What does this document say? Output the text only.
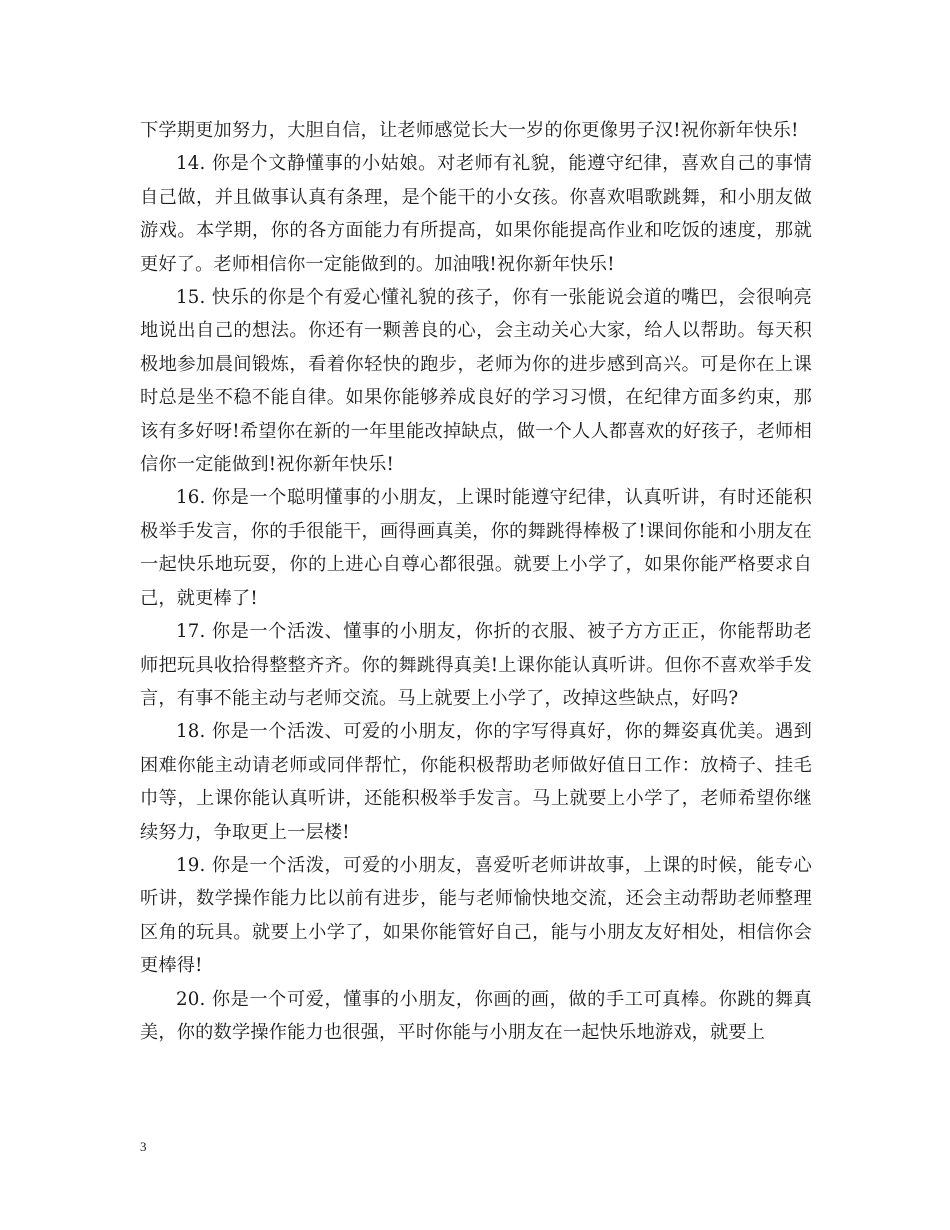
下学期更加努力，大胆自信，让老师感觉长大一岁的你更像男子汉!祝你新年快乐!

14. 你是个文静懂事的小姑娘。对老师有礼貌，能遵守纪律，喜欢自己的事情自己做，并且做事认真有条理，是个能干的小女孩。你喜欢唱歌跳舞，和小朋友做游戏。本学期，你的各方面能力有所提高，如果你能提高作业和吃饭的速度，那就更好了。老师相信你一定能做到的。加油哦!祝你新年快乐!

15. 快乐的你是个有爱心懂礼貌的孩子，你有一张能说会道的嘴巴，会很响亮地说出自己的想法。你还有一颗善良的心，会主动关心大家，给人以帮助。每天积极地参加晨间锻炼，看着你轻快的跑步，老师为你的进步感到高兴。可是你在上课时总是坐不稳不能自律。如果你能够养成良好的学习习惯，在纪律方面多约束，那该有多好呀!希望你在新的一年里能改掉缺点，做一个人人都喜欢的好孩子，老师相信你一定能做到!祝你新年快乐!

16. 你是一个聪明懂事的小朋友，上课时能遵守纪律，认真听讲，有时还能积极举手发言，你的手很能干，画得画真美，你的舞跳得棒极了!课间你能和小朋友在一起快乐地玩耍，你的上进心自尊心都很强。就要上小学了，如果你能严格要求自己，就更棒了!

17. 你是一个活泼、懂事的小朋友，你折的衣服、被子方方正正，你能帮助老师把玩具收拾得整整齐齐。你的舞跳得真美!上课你能认真听讲。但你不喜欢举手发言，有事不能主动与老师交流。马上就要上小学了，改掉这些缺点，好吗?

18. 你是一个活泼、可爱的小朋友，你的字写得真好，你的舞姿真优美。遇到困难你能主动请老师或同伴帮忙，你能积极帮助老师做好值日工作：放椅子、挂毛巾等，上课你能认真听讲，还能积极举手发言。马上就要上小学了，老师希望你继续努力，争取更上一层楼!

19. 你是一个活泼，可爱的小朋友，喜爱听老师讲故事，上课的时候，能专心听讲，数学操作能力比以前有进步，能与老师愉快地交流，还会主动帮助老师整理区角的玩具。就要上小学了，如果你能管好自己，能与小朋友友好相处，相信你会更棒得!

20. 你是一个可爱，懂事的小朋友，你画的画，做的手工可真棒。你跳的舞真美，你的数学操作能力也很强，平时你能与小朋友在一起快乐地游戏，就要上

3
